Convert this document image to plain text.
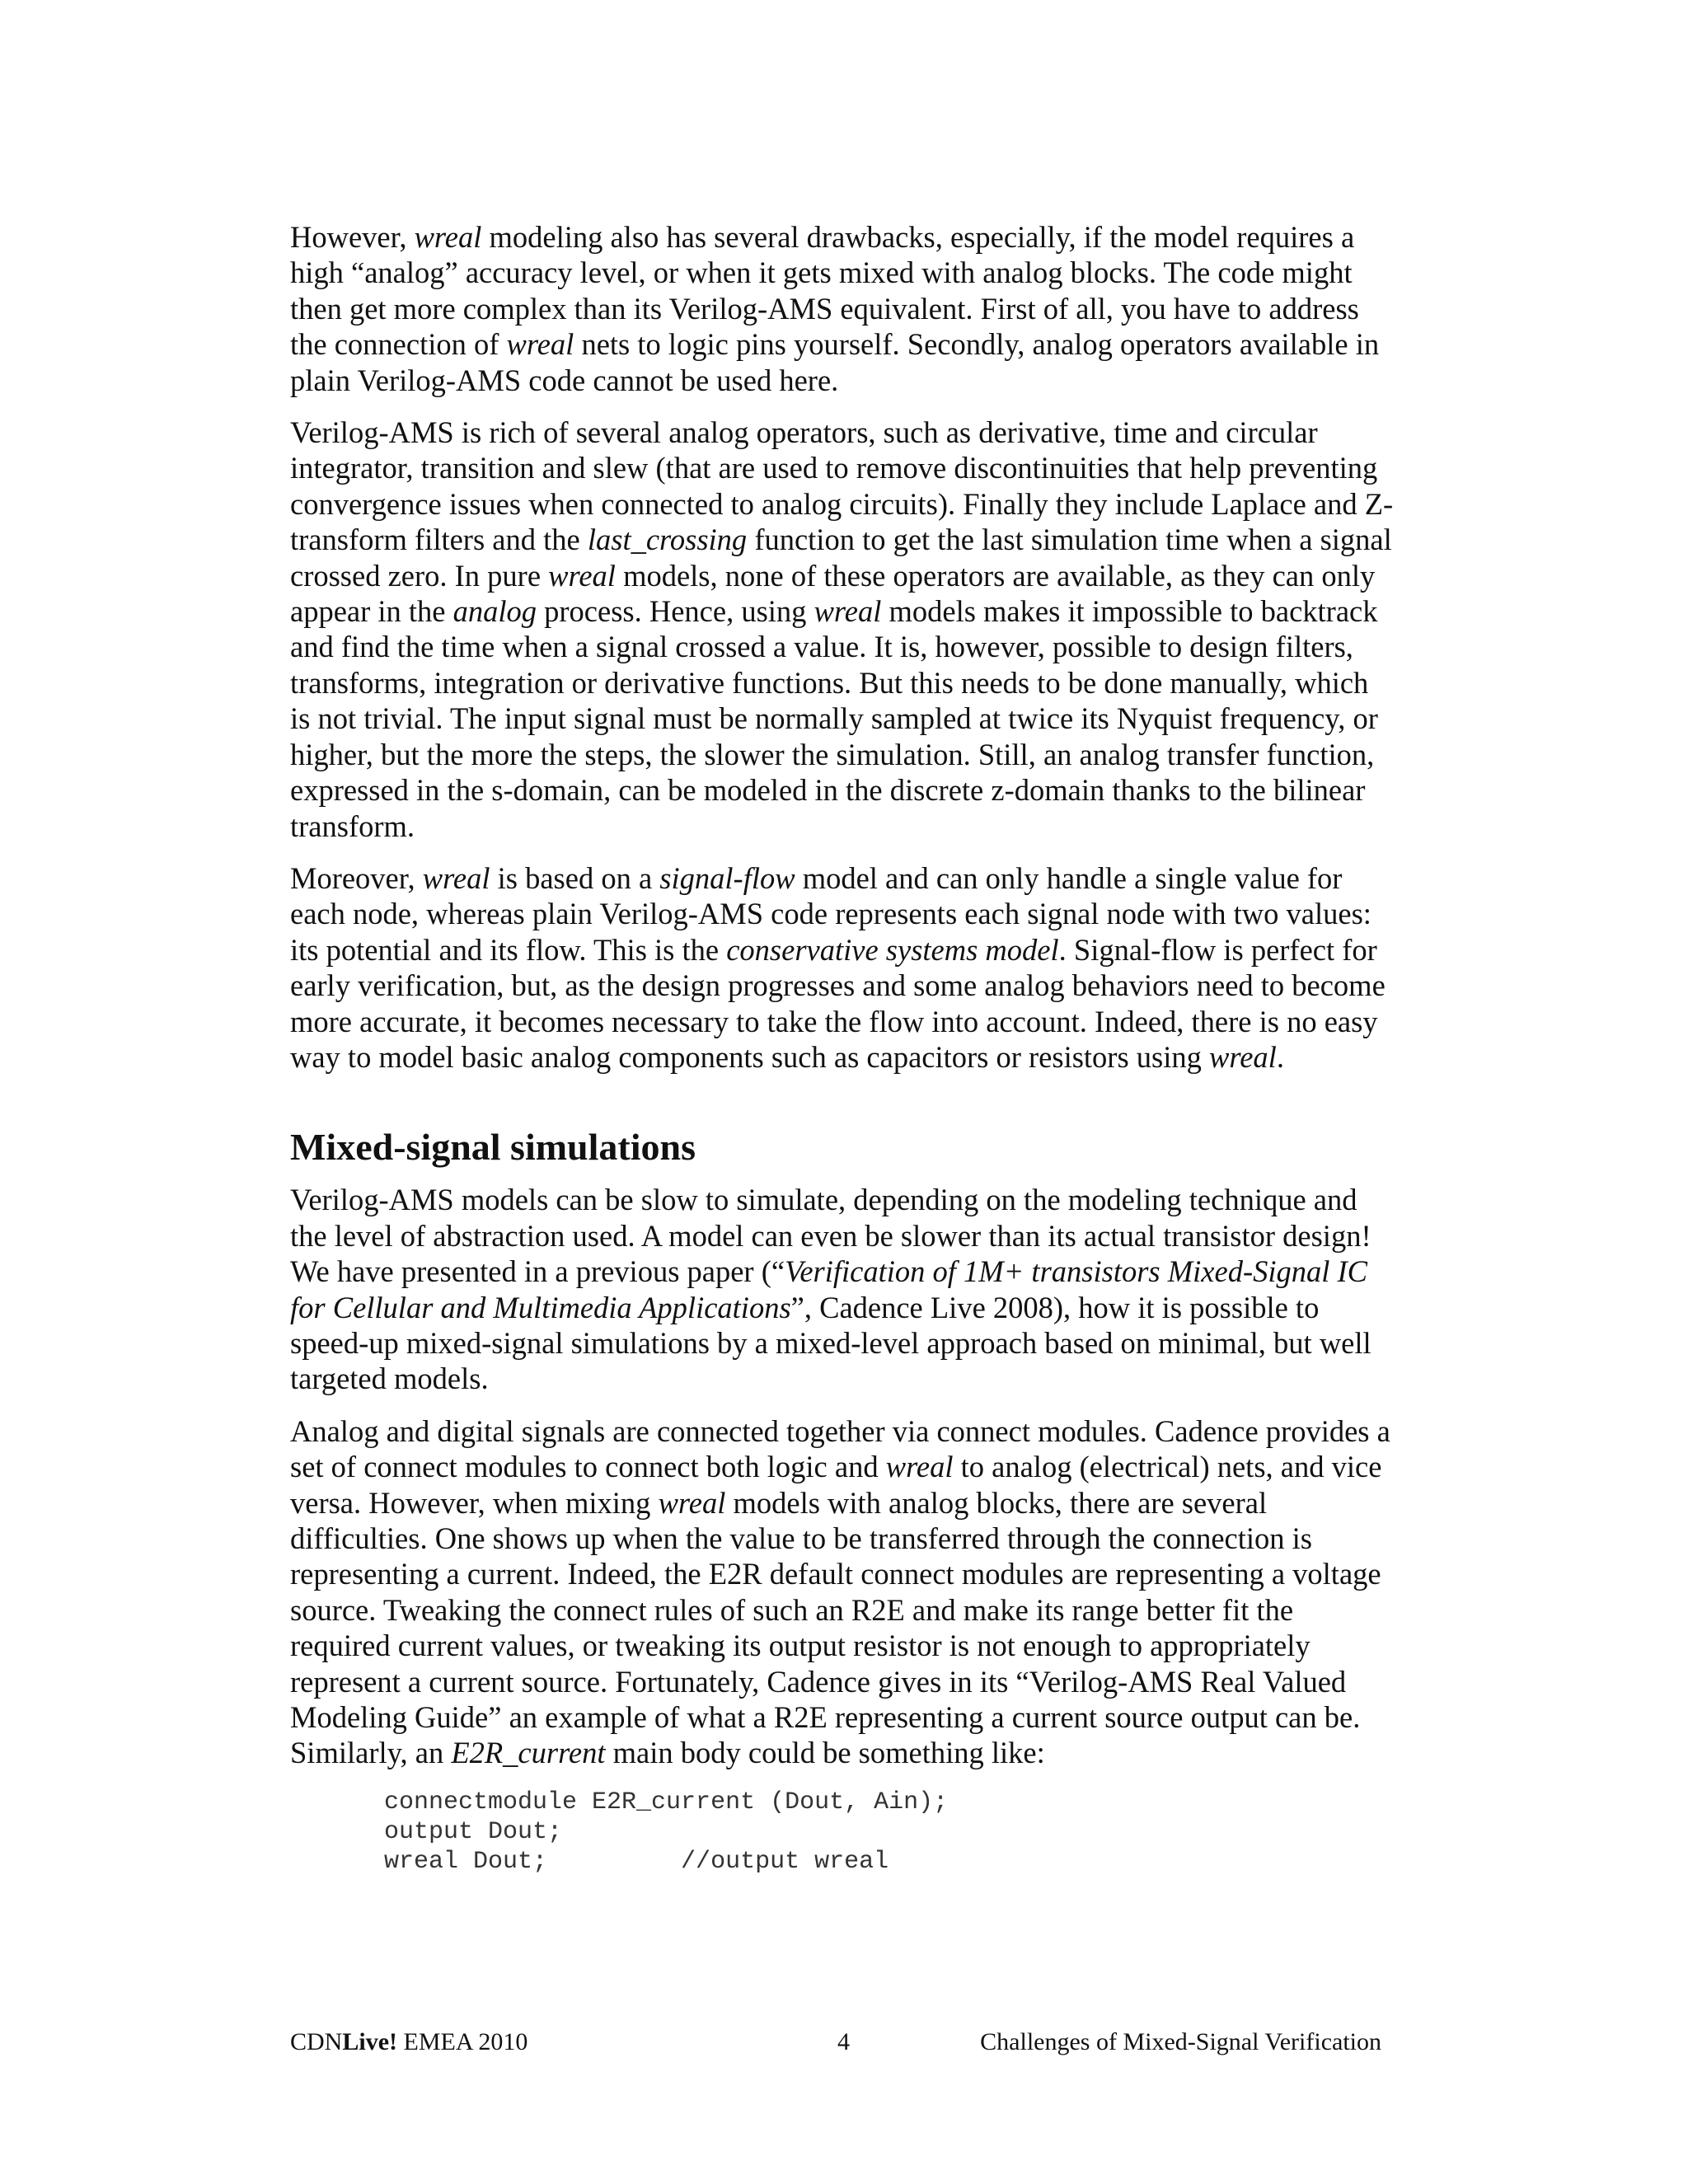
However, wreal modeling also has several drawbacks, especially, if the model requires a high “analog” accuracy level, or when it gets mixed with analog blocks. The code might then get more complex than its Verilog-AMS equivalent. First of all, you have to address the connection of wreal nets to logic pins yourself. Secondly, analog operators available in plain Verilog-AMS code cannot be used here.

Verilog-AMS is rich of several analog operators, such as derivative, time and circular integrator, transition and slew (that are used to remove discontinuities that help preventing convergence issues when connected to analog circuits). Finally they include Laplace and Z-transform filters and the last_crossing function to get the last simulation time when a signal crossed zero. In pure wreal models, none of these operators are available, as they can only appear in the analog process. Hence, using wreal models makes it impossible to backtrack and find the time when a signal crossed a value. It is, however, possible to design filters, transforms, integration or derivative functions. But this needs to be done manually, which is not trivial. The input signal must be normally sampled at twice its Nyquist frequency, or higher, but the more the steps, the slower the simulation. Still, an analog transfer function, expressed in the s-domain, can be modeled in the discrete z-domain thanks to the bilinear transform.

Moreover, wreal is based on a signal-flow model and can only handle a single value for each node, whereas plain Verilog-AMS code represents each signal node with two values: its potential and its flow. This is the conservative systems model. Signal-flow is perfect for early verification, but, as the design progresses and some analog behaviors need to become more accurate, it becomes necessary to take the flow into account. Indeed, there is no easy way to model basic analog components such as capacitors or resistors using wreal.

Mixed-signal simulations

Verilog-AMS models can be slow to simulate, depending on the modeling technique and the level of abstraction used. A model can even be slower than its actual transistor design! We have presented in a previous paper (“Verification of 1M+ transistors Mixed-Signal IC for Cellular and Multimedia Applications”, Cadence Live 2008), how it is possible to speed-up mixed-signal simulations by a mixed-level approach based on minimal, but well targeted models.

Analog and digital signals are connected together via connect modules. Cadence provides a set of connect modules to connect both logic and wreal to analog (electrical) nets, and vice versa. However, when mixing wreal models with analog blocks, there are several difficulties. One shows up when the value to be transferred through the connection is representing a current. Indeed, the E2R default connect modules are representing a voltage source. Tweaking the connect rules of such an R2E and make its range better fit the required current values, or tweaking its output resistor is not enough to appropriately represent a current source. Fortunately, Cadence gives in its “Verilog-AMS Real Valued Modeling Guide” an example of what a R2E representing a current source output can be. Similarly, an E2R_current main body could be something like:

connectmodule E2R_current (Dout, Ain);
output Dout;
wreal Dout;         //output wreal
CDNLive! EMEA 2010	4	Challenges of Mixed-Signal Verification
